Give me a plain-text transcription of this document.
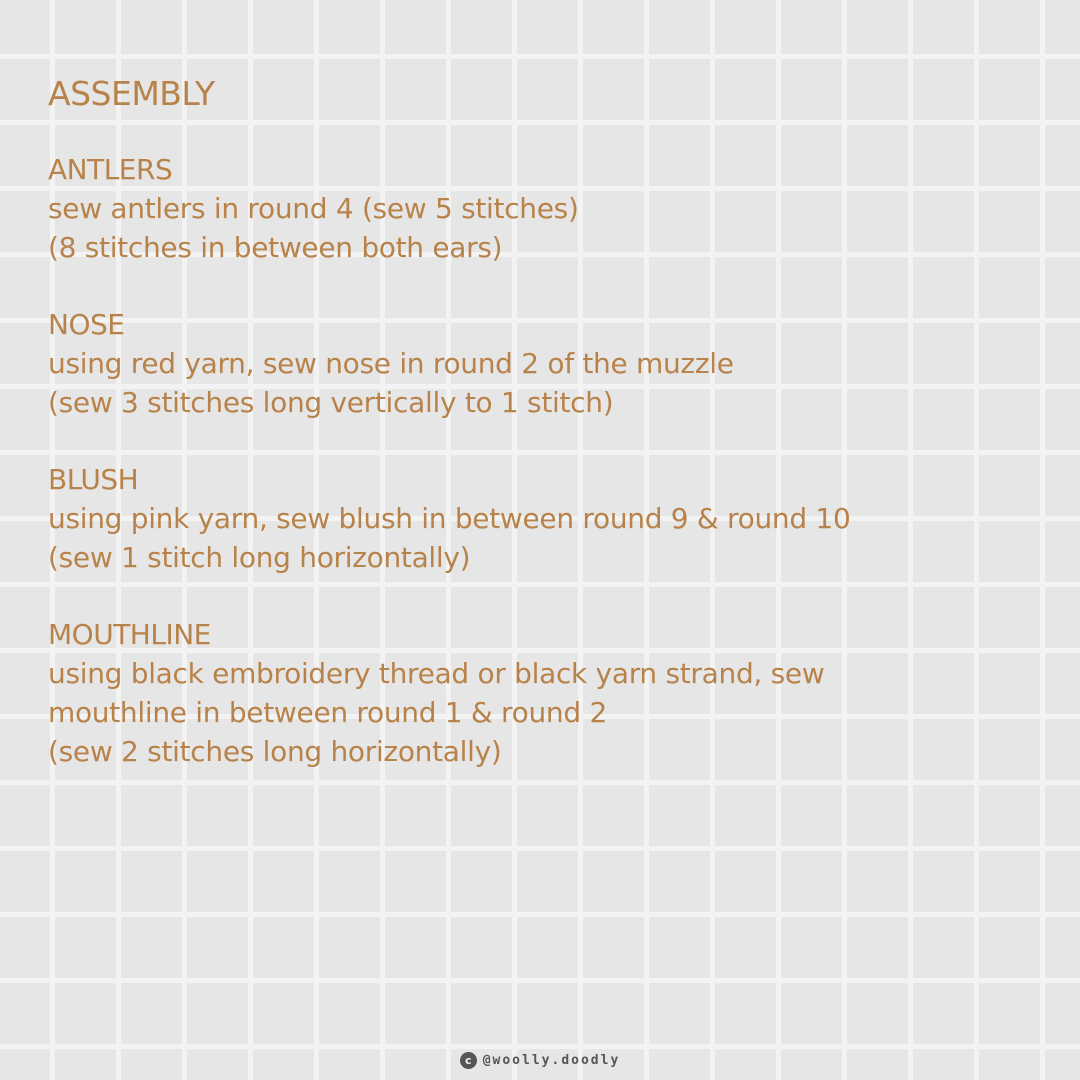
ASSEMBLY
ANTLERS
sew antlers in round 4 (sew 5 stitches)
(8 stitches in between both ears)
NOSE
using red yarn, sew nose in round 2 of the muzzle
(sew 3 stitches long vertically to 1 stitch)
BLUSH
using pink yarn, sew blush in between round 9 & round 10
(sew 1 stitch long horizontally)
MOUTHLINE
using black embroidery thread or black yarn strand, sew
mouthline in between round 1 & round 2
(sew 2 stitches long horizontally)
c @woolly.doodly
